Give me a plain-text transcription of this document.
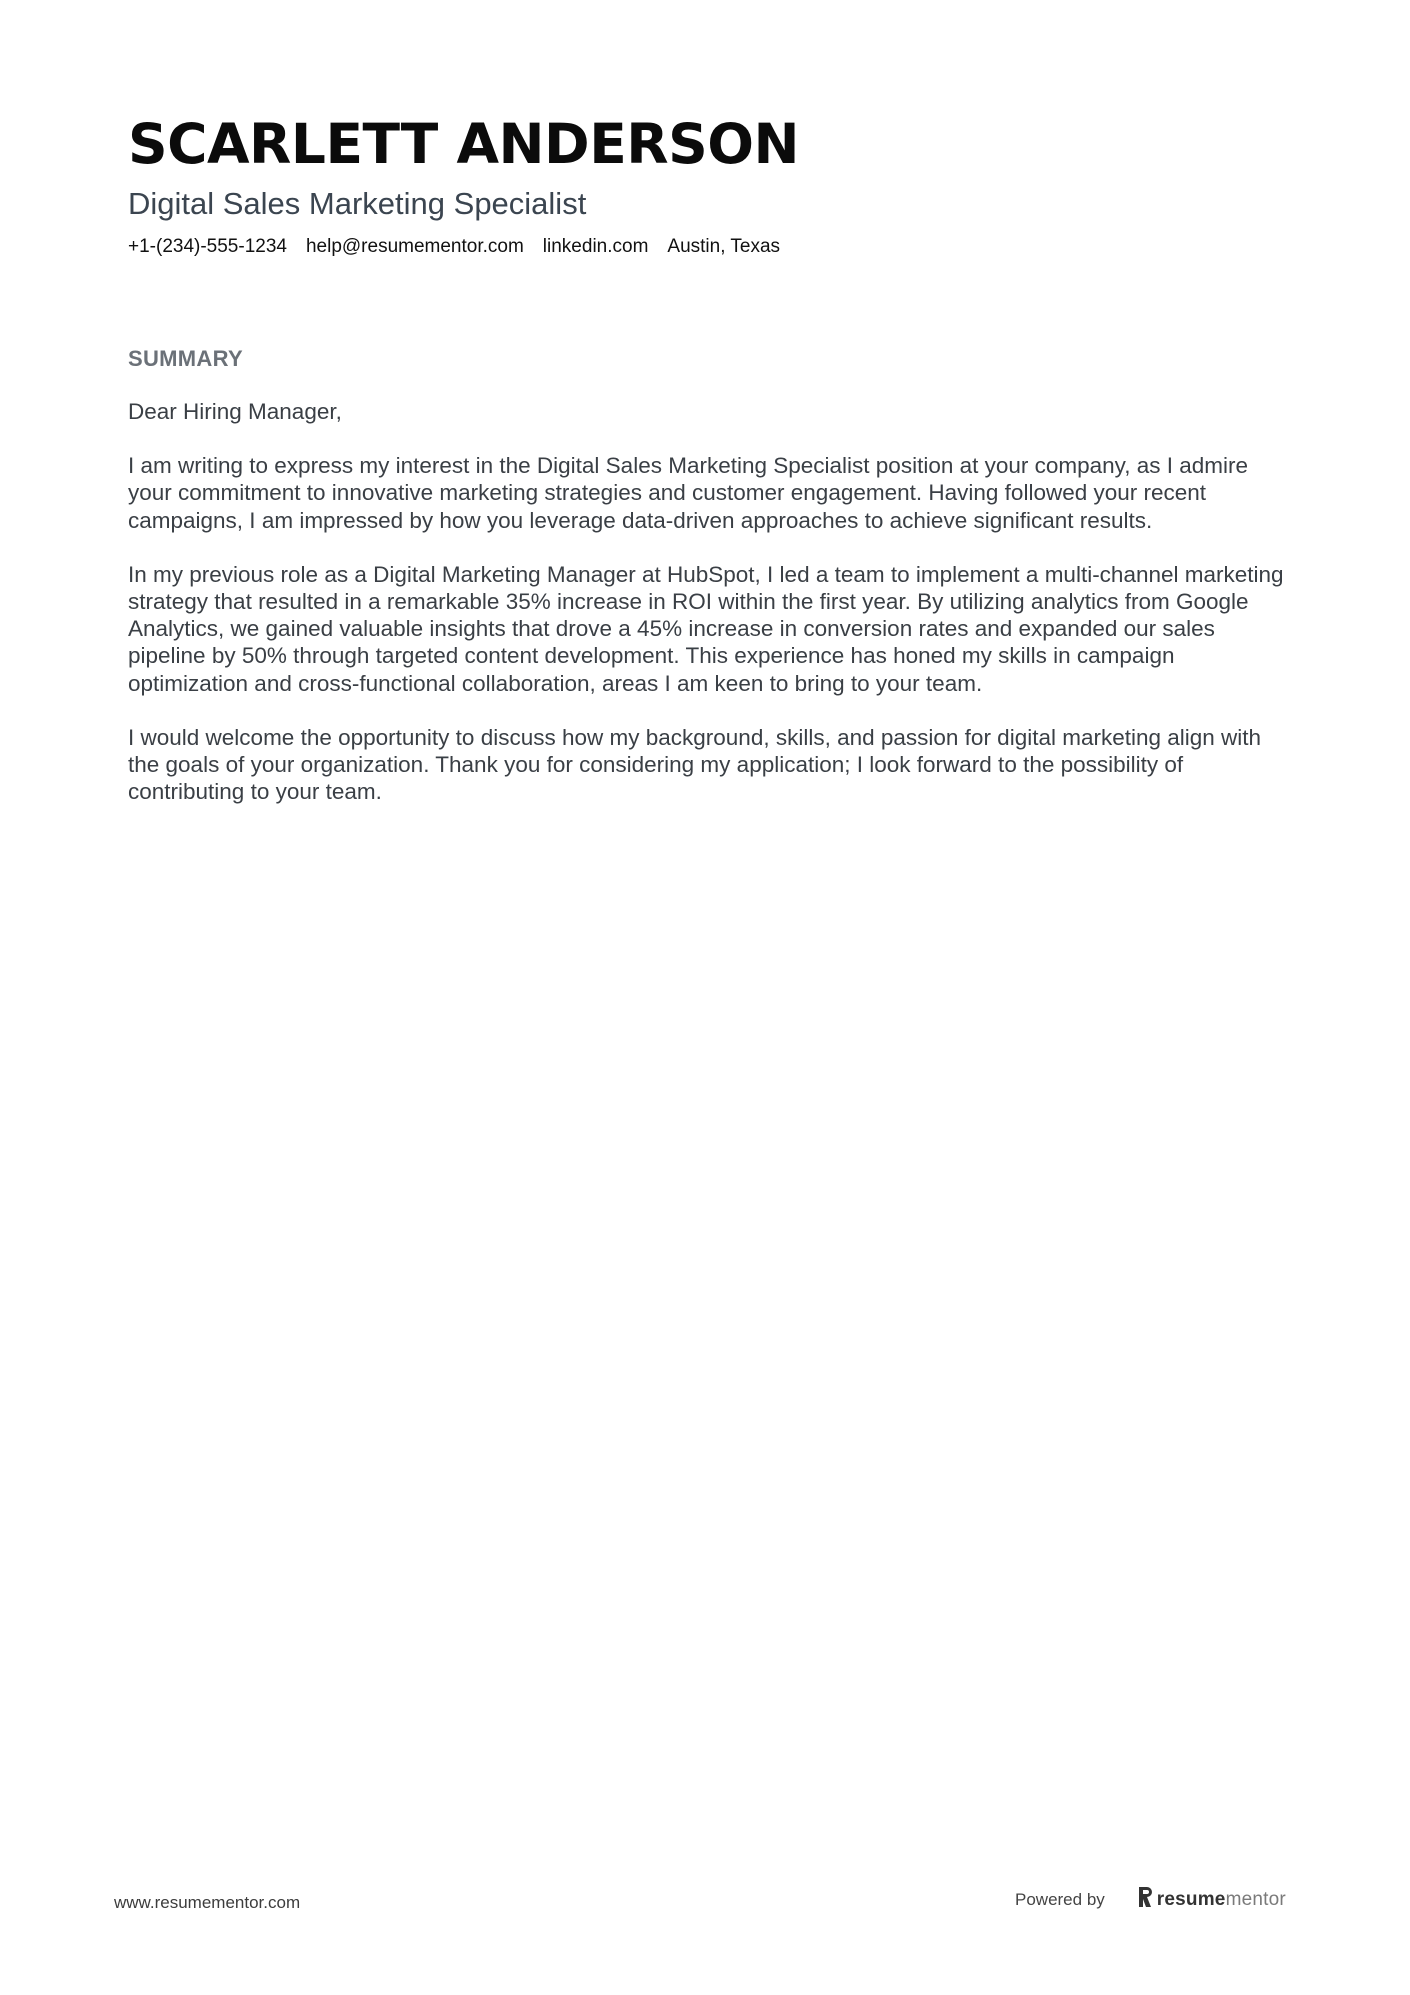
SCARLETT ANDERSON
Digital Sales Marketing Specialist
+1-(234)-555-1234 help@resumementor.com linkedin.com Austin, Texas
SUMMARY

Dear Hiring Manager,

I am writing to express my interest in the Digital Sales Marketing Specialist position at your company, as I admire your commitment to innovative marketing strategies and customer engagement. Having followed your recent campaigns, I am impressed by how you leverage data-driven approaches to achieve significant results.

In my previous role as a Digital Marketing Manager at HubSpot, I led a team to implement a multi-channel marketing strategy that resulted in a remarkable 35% increase in ROI within the first year. By utilizing analytics from Google Analytics, we gained valuable insights that drove a 45% increase in conversion rates and expanded our sales pipeline by 50% through targeted content development. This experience has honed my skills in campaign optimization and cross-functional collaboration, areas I am keen to bring to your team.

I would welcome the opportunity to discuss how my background, skills, and passion for digital marketing align with the goals of your organization. Thank you for considering my application; I look forward to the possibility of contributing to your team.

www.resumementor.com	Powered by	resumementor
